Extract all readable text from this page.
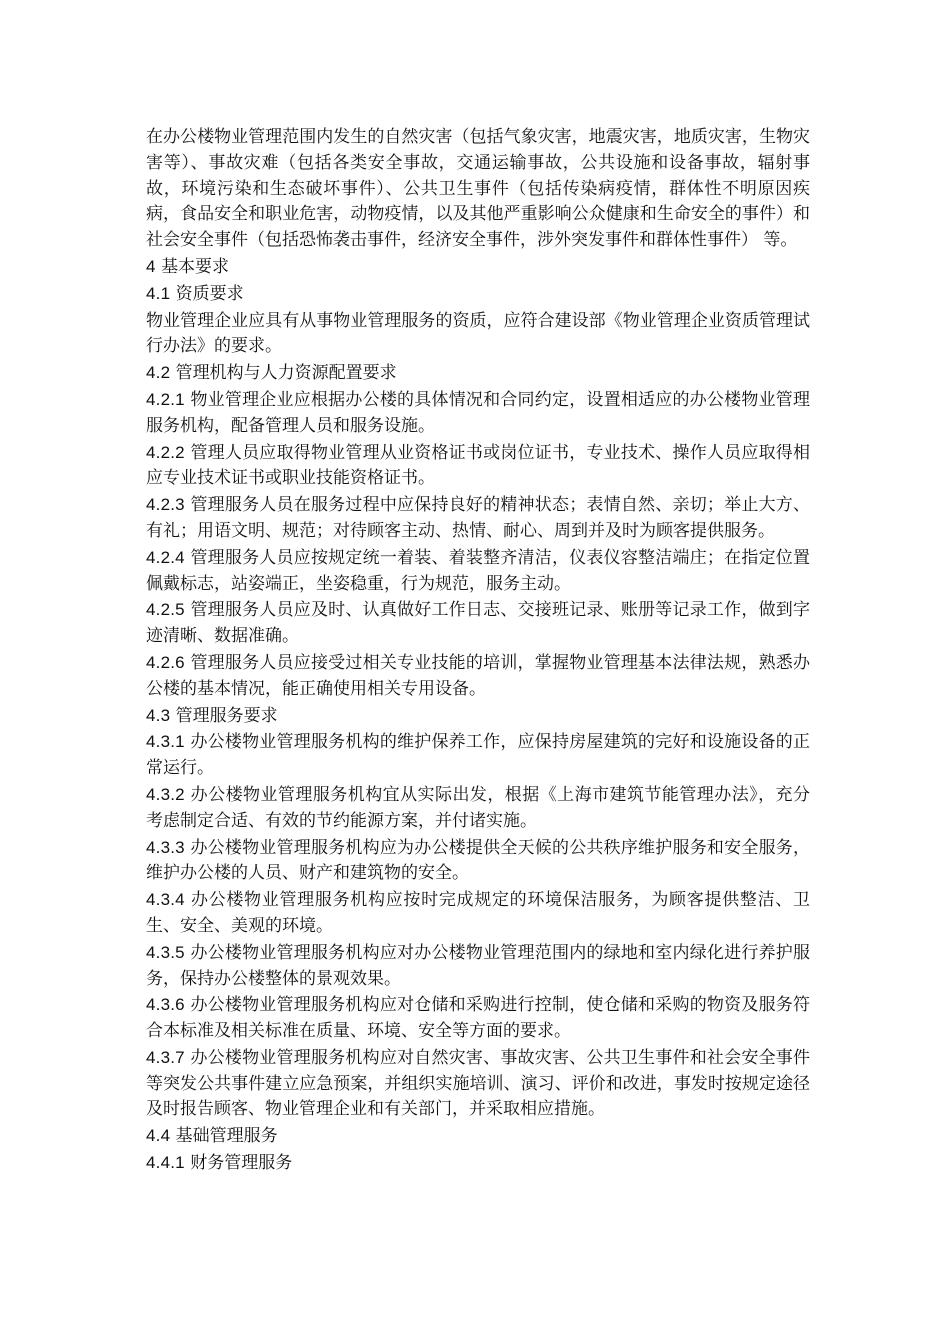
在办公楼物业管理范围内发生的自然灾害（包括气象灾害，地震灾害，地质灾害，生物灾害等）、事故灾难（包括各类安全事故，交通运输事故，公共设施和设备事故，辐射事故，环境污染和生态破坏事件）、公共卫生事件（包括传染病疫情，群体性不明原因疾病，食品安全和职业危害，动物疫情，以及其他严重影响公众健康和生命安全的事件）和社会安全事件（包括恐怖袭击事件，经济安全事件，涉外突发事件和群体性事件） 等。

4 基本要求

4.1 资质要求

物业管理企业应具有从事物业管理服务的资质，应符合建设部《物业管理企业资质管理试行办法》的要求。

4.2 管理机构与人力资源配置要求

4.2.1 物业管理企业应根据办公楼的具体情况和合同约定，设置相适应的办公楼物业管理服务机构，配备管理人员和服务设施。

4.2.2 管理人员应取得物业管理从业资格证书或岗位证书，专业技术、操作人员应取得相应专业技术证书或职业技能资格证书。

4.2.3 管理服务人员在服务过程中应保持良好的精神状态；表情自然、亲切；举止大方、有礼；用语文明、规范；对待顾客主动、热情、耐心、周到并及时为顾客提供服务。

4.2.4 管理服务人员应按规定统一着装、着装整齐清洁，仪表仪容整洁端庄；在指定位置佩戴标志，站姿端正，坐姿稳重，行为规范，服务主动。

4.2.5 管理服务人员应及时、认真做好工作日志、交接班记录、账册等记录工作，做到字迹清晰、数据准确。

4.2.6 管理服务人员应接受过相关专业技能的培训，掌握物业管理基本法律法规，熟悉办公楼的基本情况，能正确使用相关专用设备。

4.3 管理服务要求

4.3.1 办公楼物业管理服务机构的维护保养工作，应保持房屋建筑的完好和设施设备的正常运行。

4.3.2 办公楼物业管理服务机构宜从实际出发，根据《上海市建筑节能管理办法》，充分考虑制定合适、有效的节约能源方案，并付诸实施。

4.3.3 办公楼物业管理服务机构应为办公楼提供全天候的公共秩序维护服务和安全服务，维护办公楼的人员、财产和建筑物的安全。

4.3.4 办公楼物业管理服务机构应按时完成规定的环境保洁服务，为顾客提供整洁、卫生、安全、美观的环境。

4.3.5 办公楼物业管理服务机构应对办公楼物业管理范围内的绿地和室内绿化进行养护服务，保持办公楼整体的景观效果。

4.3.6 办公楼物业管理服务机构应对仓储和采购进行控制，使仓储和采购的物资及服务符合本标准及相关标准在质量、环境、安全等方面的要求。

4.3.7 办公楼物业管理服务机构应对自然灾害、事故灾害、公共卫生事件和社会安全事件等突发公共事件建立应急预案，并组织实施培训、演习、评价和改进，事发时按规定途径及时报告顾客、物业管理企业和有关部门，并采取相应措施。

4.4 基础管理服务

4.4.1 财务管理服务
